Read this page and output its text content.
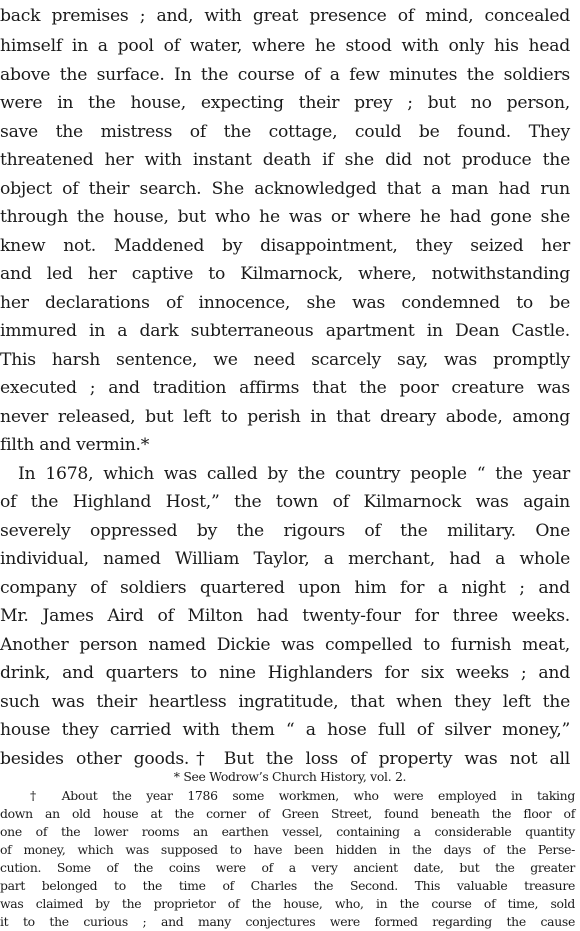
back premises ; and, with great presence of mind, concealed
himself in a pool of water, where he stood with only his head
above the surface. In the course of a few minutes the soldiers
were in the house, expecting their prey ; but no person,
save the mistress of the cottage, could be found. They
threatened her with instant death if she did not produce the
object of their search. She acknowledged that a man had run
through the house, but who he was or where he had gone she
knew not. Maddened by disappointment, they seized her
and led her captive to Kilmarnock, where, notwithstanding
her declarations of innocence, she was condemned to be
immured in a dark subterraneous apartment in Dean Castle.
This harsh sentence, we need scarcely say, was promptly
executed ; and tradition affirms that the poor creature was
never released, but left to perish in that dreary abode, among
filth and vermin.*
In 1678, which was called by the country people “ the year
of the Highland Host,” the town of Kilmarnock was again
severely oppressed by the rigours of the military. One
individual, named William Taylor, a merchant, had a whole
company of soldiers quartered upon him for a night ; and
Mr. James Aird of Milton had twenty-four for three weeks.
Another person named Dickie was compelled to furnish meat,
drink, and quarters to nine Highlanders for six weeks ; and
such was their heartless ingratitude, that when they left the
house they carried with them “ a hose full of silver money,”
besides other goods.† But the loss of property was not all
* See Wodrow’s Church History, vol. 2.
† About the year 1786 some workmen, who were employed in taking
down an old house at the corner of Green Street, found beneath the floor of
one of the lower rooms an earthen vessel, containing a considerable quantity
of money, which was supposed to have been hidden in the days of the Perse-
cution. Some of the coins were of a very ancient date, but the greater
part belonged to the time of Charles the Second. This valuable treasure
was claimed by the proprietor of the house, who, in the course of time, sold
it to the curious ; and many conjectures were formed regarding the cause
